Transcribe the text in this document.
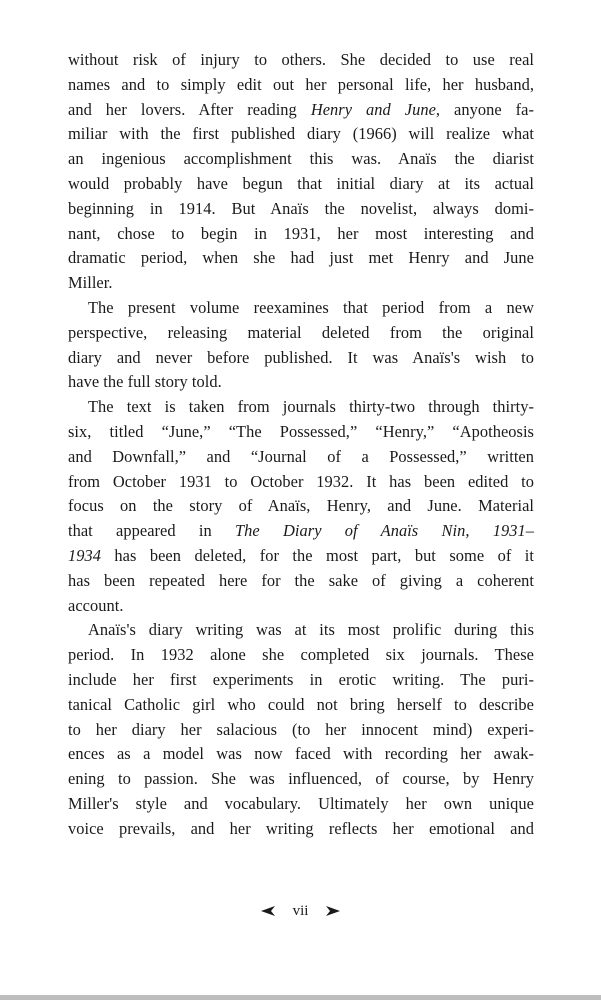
without risk of injury to others. She decided to use real
names and to simply edit out her personal life, her husband,
and her lovers. After reading Henry and June, anyone fa-
miliar with the first published diary (1966) will realize what
an ingenious accomplishment this was. Anaïs the diarist
would probably have begun that initial diary at its actual
beginning in 1914. But Anaïs the novelist, always domi-
nant, chose to begin in 1931, her most interesting and
dramatic period, when she had just met Henry and June
Miller.
The present volume reexamines that period from a new
perspective, releasing material deleted from the original
diary and never before published. It was Anaïs's wish to
have the full story told.
The text is taken from journals thirty-two through thirty-
six, titled “June,” “The Possessed,” “Henry,” “Apotheosis
and Downfall,” and “Journal of a Possessed,” written
from October 1931 to October 1932. It has been edited to
focus on the story of Anaïs, Henry, and June. Material
that appeared in The Diary of Anaïs Nin, 1931–
1934 has been deleted, for the most part, but some of it
has been repeated here for the sake of giving a coherent
account.
Anaïs's diary writing was at its most prolific during this
period. In 1932 alone she completed six journals. These
include her first experiments in erotic writing. The puri-
tanical Catholic girl who could not bring herself to describe
to her diary her salacious (to her innocent mind) experi-
ences as a model was now faced with recording her awak-
ening to passion. She was influenced, of course, by Henry
Miller's style and vocabulary. Ultimately her own unique
voice prevails, and her writing reflects her emotional and
vii
